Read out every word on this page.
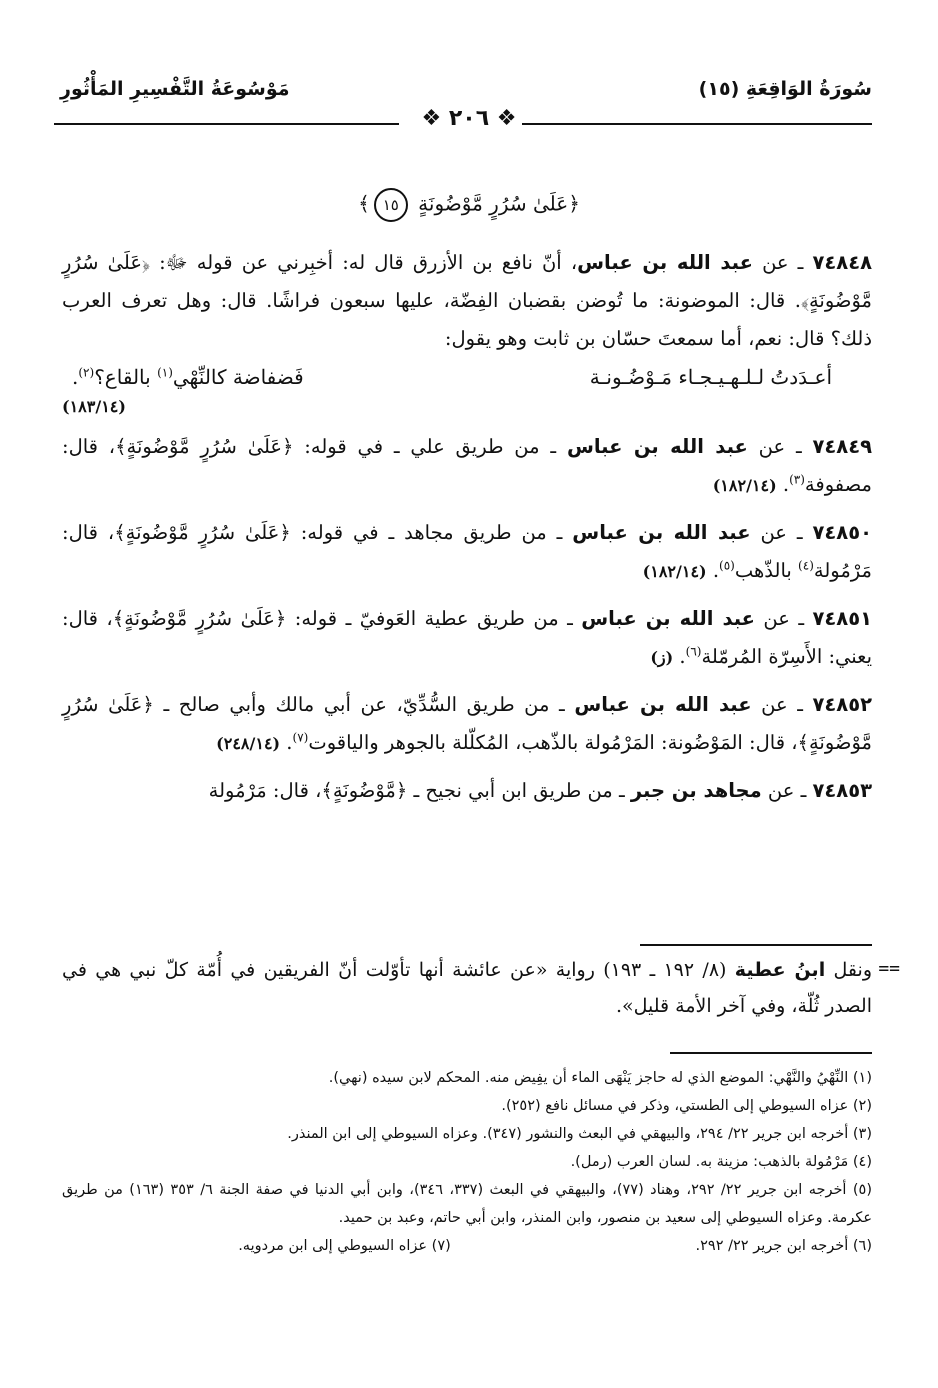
سُورَةُ الوَاقِعَةِ (١٥)
مَوْسُوعَةُ التَّفْسِيرِ المَأْثُورِ
❖ ٢٠٦ ❖
﴿عَلَىٰ سُرُرٍ مَّوْضُونَةٍ ١٥﴾

٧٤٨٤٨ ـ عن عبد الله بن عباس، أنّ نافع بن الأزرق قال له: أخبِرني عن قوله ﷻ: ﴿عَلَىٰ سُرُرٍ مَّوْضُونَةٍ﴾. قال: الموضونة: ما تُوضن بقضبان الفِضّة، عليها سبعون فراشًا. قال: وهل تعرف العرب ذلك؟ قال: نعم، أما سمعتَ حسّان بن ثابت وهو يقول:

أعـدَدتُ لـلـهـيـجـاء مَـوْضُـونـة
فَضفاضة كالنِّهْي$^{(١)}$ بالقاع؟$^{(٢)}$.
(١٨٣/١٤)

٧٤٨٤٩ ـ عن عبد الله بن عباس ـ من طريق علي ـ في قوله: ﴿عَلَىٰ سُرُرٍ مَّوْضُونَةٍ﴾، قال: مصفوفة$^{(٣)}$. (١٨٢/١٤)

٧٤٨٥٠ ـ عن عبد الله بن عباس ـ من طريق مجاهد ـ في قوله: ﴿عَلَىٰ سُرُرٍ مَّوْضُونَةٍ﴾، قال: مَرْمُولة$^{(٤)}$ بالذّهب$^{(٥)}$. (١٨٢/١٤)

٧٤٨٥١ ـ عن عبد الله بن عباس ـ من طريق عطية العَوفيّ ـ قوله: ﴿عَلَىٰ سُرُرٍ مَّوْضُونَةٍ﴾، قال: يعني: الأَسِرّة المُرمّلة$^{(٦)}$. (ز)

٧٤٨٥٢ ـ عن عبد الله بن عباس ـ من طريق السُّدِّيّ، عن أبي مالك وأبي صالح ـ ﴿عَلَىٰ سُرُرٍ مَّوْضُونَةٍ﴾، قال: المَوْضُونة: المَرْمُولة بالذّهب، المُكلّلة بالجوهر والياقوت$^{(٧)}$. (٢٤٨/١٤)

٧٤٨٥٣ ـ عن مجاهد بن جبر ـ من طريق ابن أبي نجيح ـ ﴿مَّوْضُونَةٍ﴾، قال: مَرْمُولة

==
ونقل ابنُ عطية (٨/ ١٩٢ ـ ١٩٣) رواية «عن عائشة أنها تأوّلت أنّ الفريقين في أُمّة كلّ نبي هي في الصدر ثُلّة، وفي آخر الأمة قليل».

(١) النِّهْيُ والنَّهْي: الموضع الذي له حاجز يَنْهَى الماء أن يفِيض منه. المحكم لابن سيده (نهي).

(٢) عزاه السيوطي إلى الطستي، وذكر في مسائل نافع (٢٥٢).

(٣) أخرجه ابن جرير ٢٢/ ٢٩٤، والبيهقي في البعث والنشور (٣٤٧). وعزاه السيوطي إلى ابن المنذر.

(٤) مَرْمُولة بالذهب: مزينة به. لسان العرب (رمل).

(٥) أخرجه ابن جرير ٢٢/ ٢٩٢، وهناد (٧٧)، والبيهقي في البعث (٣٣٧، ٣٤٦)، وابن أبي الدنيا في صفة الجنة ٦/ ٣٥٣ (١٦٣) من طريق عكرمة. وعزاه السيوطي إلى سعيد بن منصور، وابن المنذر، وابن أبي حاتم، وعبد بن حميد.

(٦) أخرجه ابن جرير ٢٢/ ٢٩٢.

(٧) عزاه السيوطي إلى ابن مردويه.
